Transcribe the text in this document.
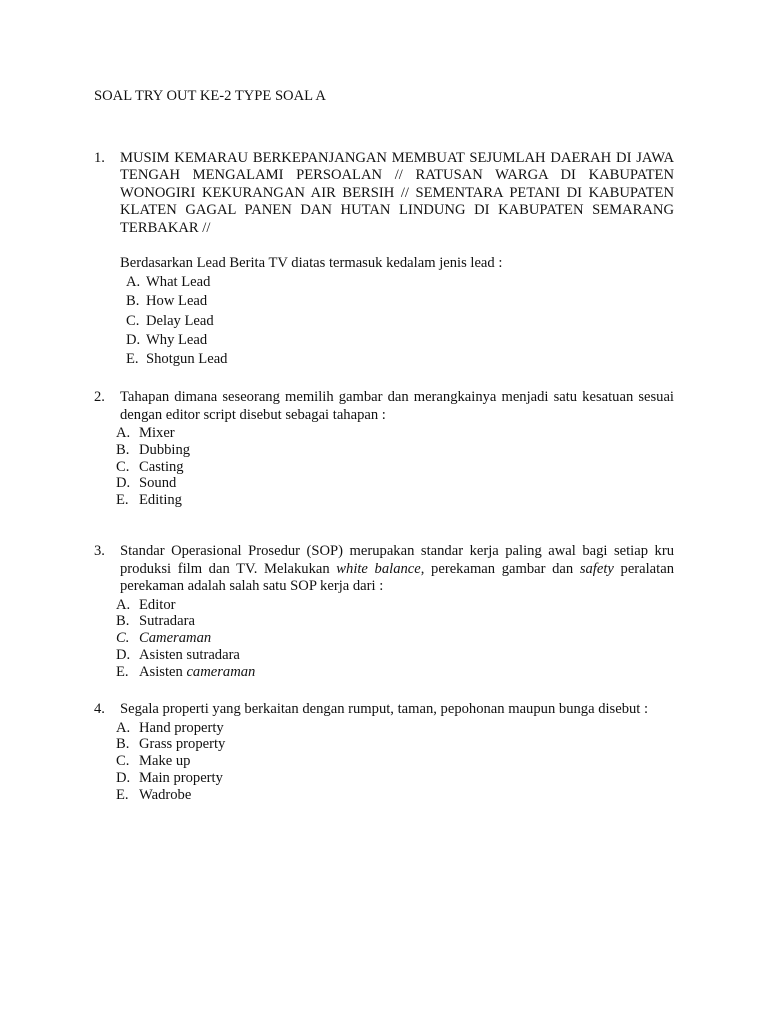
SOAL TRY OUT KE-2 TYPE SOAL A
1. MUSIM KEMARAU BERKEPANJANGAN MEMBUAT SEJUMLAH DAERAH DI JAWA TENGAH MENGALAMI PERSOALAN // RATUSAN WARGA DI KABUPATEN WONOGIRI KEKURANGAN AIR BERSIH // SEMENTARA PETANI DI KABUPATEN KLATEN GAGAL PANEN DAN HUTAN LINDUNG DI KABUPATEN SEMARANG TERBAKAR //
Berdasarkan Lead Berita TV diatas termasuk kedalam jenis lead :
A. What Lead
B. How Lead
C. Delay Lead
D. Why Lead
E. Shotgun Lead
2. Tahapan dimana seseorang memilih gambar dan merangkainya menjadi satu kesatuan sesuai dengan editor script disebut sebagai tahapan :
A. Mixer
B. Dubbing
C. Casting
D. Sound
E. Editing
3. Standar Operasional Prosedur (SOP) merupakan standar kerja paling awal bagi setiap kru produksi film dan TV. Melakukan white balance, perekaman gambar dan safety peralatan perekaman adalah salah satu SOP kerja dari :
A. Editor
B. Sutradara
C. Cameraman
D. Asisten sutradara
E. Asisten cameraman
4. Segala properti yang berkaitan dengan rumput, taman, pepohonan maupun bunga disebut :
A. Hand property
B. Grass property
C. Make up
D. Main property
E. Wadrobe
